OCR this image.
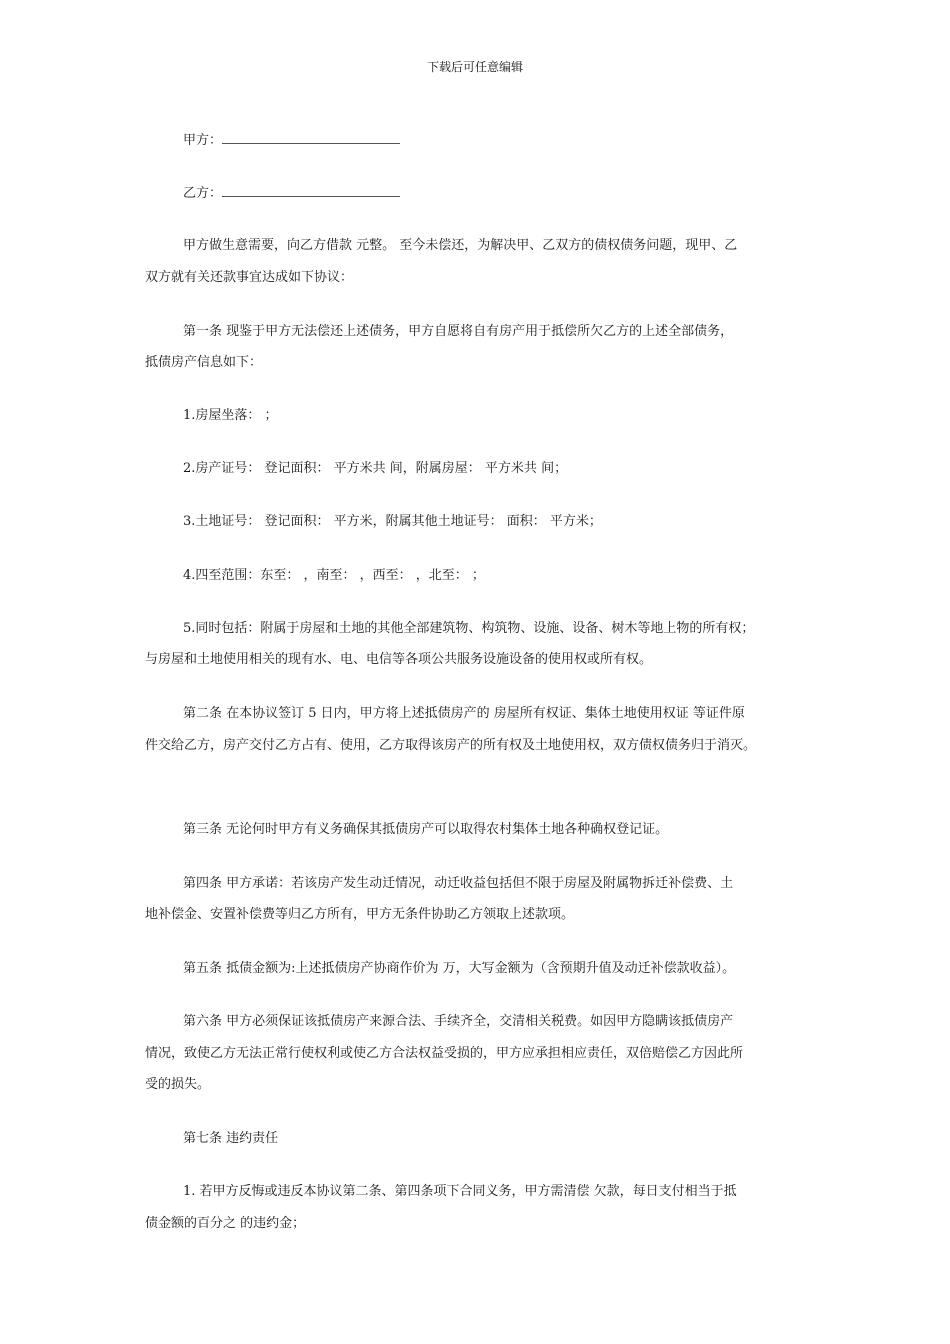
下载后可任意编辑
甲方：
乙方：
甲方做生意需要，向乙方借款 元整。 至今未偿还，为解决甲、乙双方的债权债务问题，现甲、乙
双方就有关还款事宜达成如下协议：
第一条 现鉴于甲方无法偿还上述债务，甲方自愿将自有房产用于抵偿所欠乙方的上述全部债务，
抵债房产信息如下：
1.房屋坐落： ；
2.房产证号： 登记面积： 平方米共 间，附属房屋： 平方米共 间；
3.土地证号： 登记面积： 平方米，附属其他土地证号： 面积： 平方米；
4.四至范围：东至： ，南至： ，西至： ，北至： ；
5.同时包括：附属于房屋和土地的其他全部建筑物、构筑物、设施、设备、树木等地上物的所有权；
与房屋和土地使用相关的现有水、电、电信等各项公共服务设施设备的使用权或所有权。
第二条 在本协议签订 5 日内，甲方将上述抵债房产的 房屋所有权证、集体土地使用权证 等证件原
件交给乙方，房产交付乙方占有、使用，乙方取得该房产的所有权及土地使用权，双方债权债务归于消灭。
第三条 无论何时甲方有义务确保其抵债房产可以取得农村集体土地各种确权登记证。
第四条 甲方承诺：若该房产发生动迁情况，动迁收益包括但不限于房屋及附属物拆迁补偿费、土
地补偿金、安置补偿费等归乙方所有，甲方无条件协助乙方领取上述款项。
第五条 抵债金额为:上述抵债房产协商作价为 万，大写金额为（含预期升值及动迁补偿款收益）。
第六条 甲方必须保证该抵债房产来源合法、手续齐全，交清相关税费。如因甲方隐瞒该抵债房产
情况，致使乙方无法正常行使权利或使乙方合法权益受损的，甲方应承担相应责任，双倍赔偿乙方因此所
受的损失。
第七条 违约责任
1. 若甲方反悔或违反本协议第二条、第四条项下合同义务，甲方需清偿 欠款，每日支付相当于抵
债金额的百分之 的违约金；
